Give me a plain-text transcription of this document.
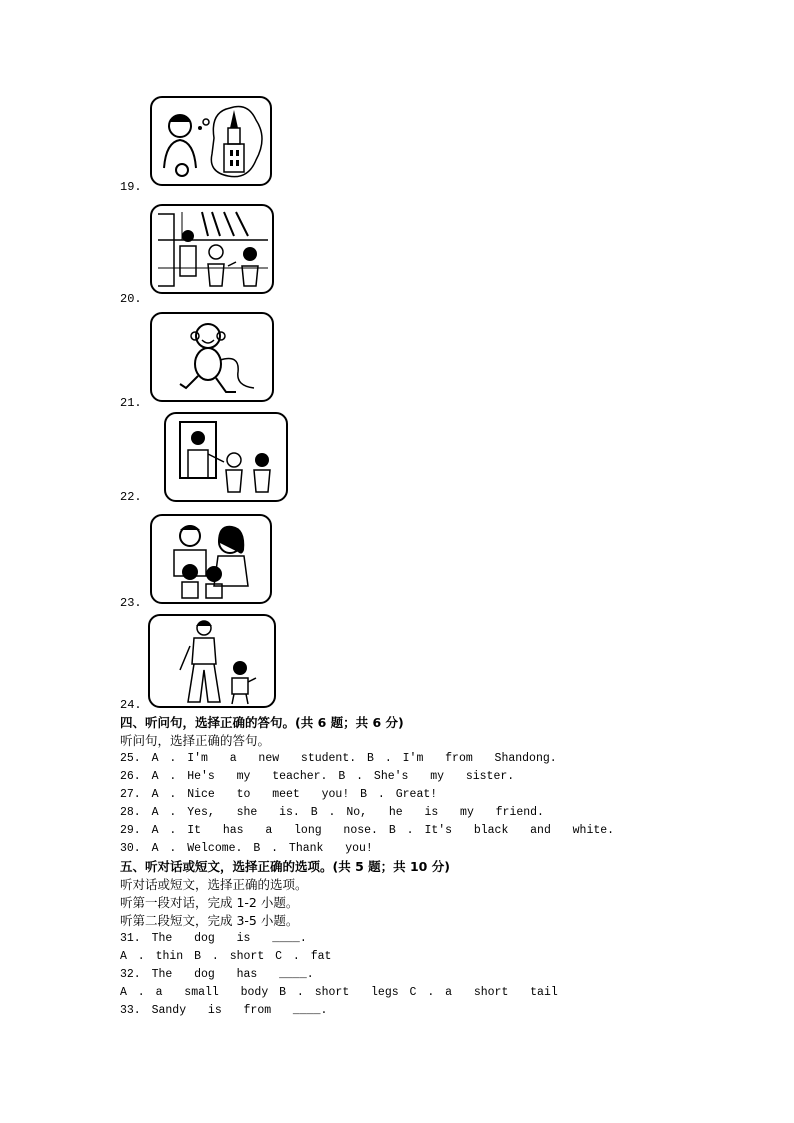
19.
20.
21.
22.
23.
24.
四、听问句，选择正确的答句。(共 6 题；共 6 分)
听问句，选择正确的答句。
25. A . I'm  a  new  student. B . I'm  from  Shandong.
26. A . He's  my  teacher. B . She's  my  sister.
27. A . Nice  to  meet  you! B . Great!
28. A . Yes,  she  is. B . No,  he  is  my  friend.
29. A . It  has  a  long  nose. B . It's  black  and  white.
30. A . Welcome. B . Thank  you!
五、听对话或短文，选择正确的选项。(共 5 题；共 10 分)
听对话或短文，选择正确的选项。
听第一段对话，完成 1-2 小题。
听第二段短文，完成 3-5 小题。
31. The  dog  is  ____.
A . thin B . short C . fat
32. The  dog  has  ____.
A . a  small  body B . short  legs C . a  short  tail
33. Sandy  is  from  ____.
